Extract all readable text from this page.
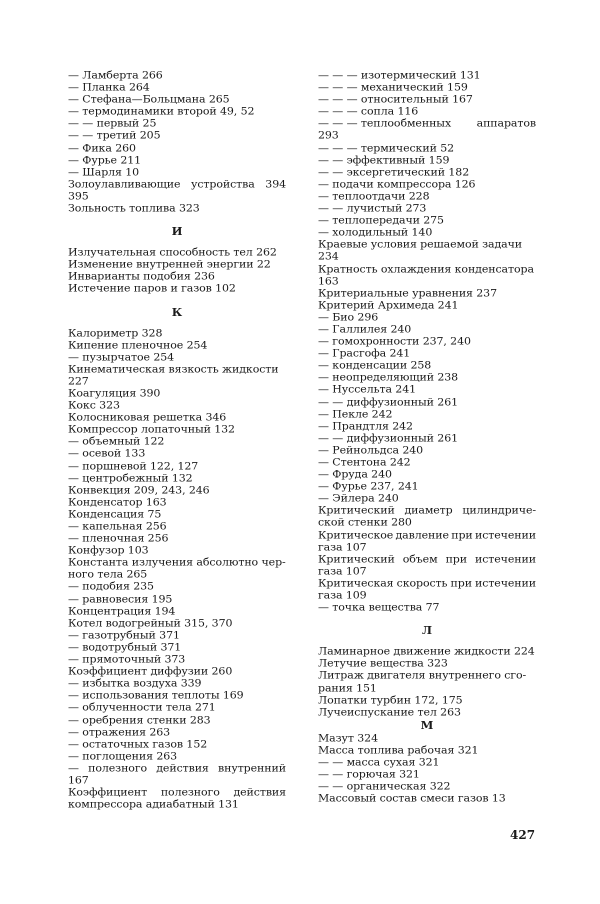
— Ламберта 266
— Планка 264
— Стефана—Больцмана 265
— термодинамики второй 49, 52
— — первый 25
— — третий 205
— Фика 260
— Фурье 211
— Шарля 10
Золоулавливающие устройства 394
395
Зольность топлива 323
И
Излучательная способность тел 262
Изменение внутренней энергии 22
Инварианты подобия 236
Истечение паров и газов 102
К
Калориметр 328
Кипение пленочное 254
— пузырчатое 254
Кинематическая вязкость жидкости
227
Коагуляция 390
Кокс 323
Колосниковая решетка 346
Компрессор лопаточный 132
— объемный 122
— осевой 133
— поршневой 122, 127
— центробежный 132
Конвекция 209, 243, 246
Конденсатор 163
Конденсация 75
— капельная 256
— пленочная 256
Конфузор 103
Константа излучения абсолютно чер-
ного тела 265
— подобия 235
— равновесия 195
Концентрация 194
Котел водогрейный 315, 370
— газотрубный 371
— водотрубный 371
— прямоточный 373
Коэффициент диффузии 260
— избытка воздуха 339
— использования теплоты 169
— облученности тела 271
— оребрения стенки 283
— отражения 263
— остаточных газов 152
— поглощения 263
— полезного действия внутренний
167
Коэффициент полезного действия
компрессора адиабатный 131
— — — изотермический 131
— — — механический 159
— — — относительный 167
— — — сопла 116
— — — теплообменных аппаратов
293
— — — термический 52
— — эффективный 159
— — эксергетический 182
— подачи компрессора 126
— теплоотдачи 228
— — лучистый 273
— теплопередачи 275
— холодильный 140
Краевые условия решаемой задачи
234
Кратность охлаждения конденсатора
163
Критериальные уравнения 237
Критерий Архимеда 241
— Био 296
— Галлилея 240
— гомохронности 237, 240
— Грасгофа 241
— конденсации 258
— неопределяющий 238
— Нуссельта 241
— — диффузионный 261
— Пекле 242
— Прандтля 242
— — диффузионный 261
— Рейнольдса 240
— Стентона 242
— Фруда 240
— Фурье 237, 241
— Эйлера 240
Критический диаметр цилиндриче-
ской стенки 280
Критическое давление при истечении
газа 107
Критический объем при истечении
газа 107
Критическая скорость при истечении
газа 109
— точка вещества 77
Л
Ламинарное движение жидкости 224
Летучие вещества 323
Литраж двигателя внутреннего сго-
рания 151
Лопатки турбин 172, 175
Лучеиспускание тел 263
М
Мазут 324
Масса топлива рабочая 321
— — масса сухая 321
— — горючая 321
— — органическая 322
Массовый состав смеси газов 13
427
